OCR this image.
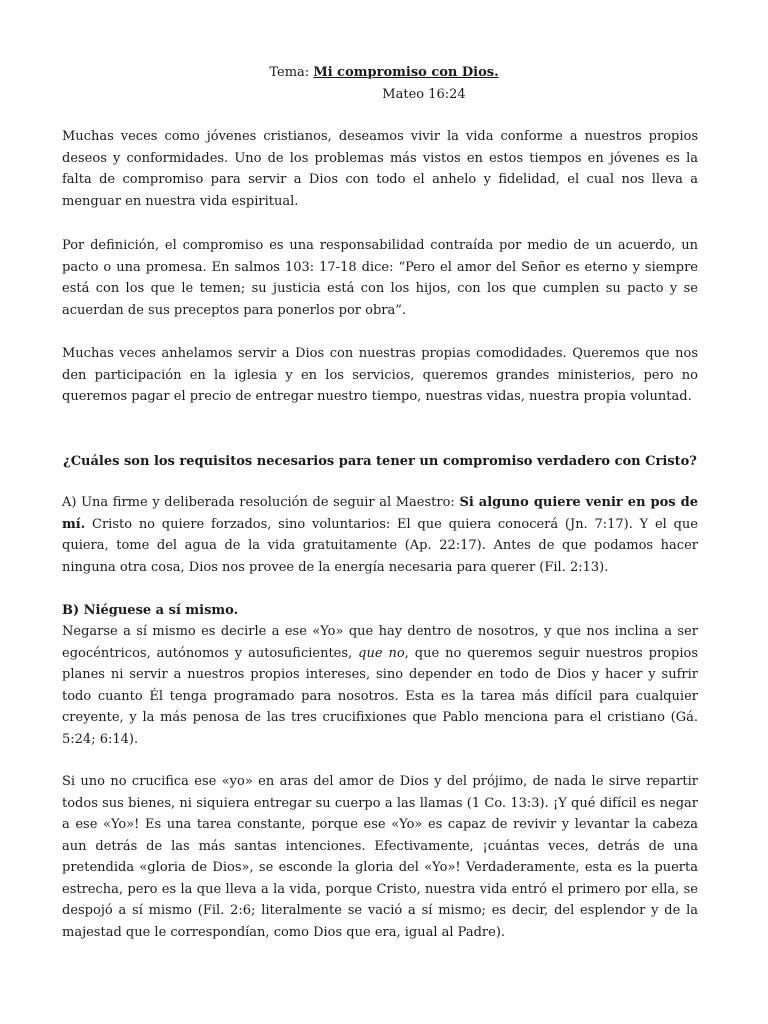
Tema: Mi compromiso con Dios.
Mateo 16:24

Muchas veces como jóvenes cristianos, deseamos vivir la vida conforme a nuestros propios deseos y conformidades. Uno de los problemas más vistos en estos tiempos en jóvenes es la falta de compromiso para servir a Dios con todo el anhelo y fidelidad, el cual nos lleva a menguar en nuestra vida espiritual.

Por definición, el compromiso es una responsabilidad contraída por medio de un acuerdo, un pacto o una promesa. En salmos 103: 17-18 dice: “Pero el amor del Señor es eterno y siempre está con los que le temen; su justicia está con los hijos, con los que cumplen su pacto y se acuerdan de sus preceptos para ponerlos por obra”.

Muchas veces anhelamos servir a Dios con nuestras propias comodidades. Queremos que nos den participación en la iglesia y en los servicios, queremos grandes ministerios, pero no queremos pagar el precio de entregar nuestro tiempo, nuestras vidas, nuestra propia voluntad.

¿Cuáles son los requisitos necesarios para tener un compromiso verdadero con Cristo?

A) Una firme y deliberada resolución de seguir al Maestro: Si alguno quiere venir en pos de mí. Cristo no quiere forzados, sino voluntarios: El que quiera conocerá (Jn. 7:17). Y el que quiera, tome del agua de la vida gratuitamente (Ap. 22:17). Antes de que podamos hacer ninguna otra cosa, Dios nos provee de la energía necesaria para querer (Fil. 2:13).

B) Niéguese a sí mismo.

Negarse a sí mismo es decirle a ese «Yo» que hay dentro de nosotros, y que nos inclina a ser egocéntricos, autónomos y autosuficientes, que no, que no queremos seguir nuestros propios planes ni servir a nuestros propios intereses, sino depender en todo de Dios y hacer y sufrir todo cuanto Él tenga programado para nosotros. Esta es la tarea más difícil para cualquier creyente, y la más penosa de las tres crucifixiones que Pablo menciona para el cristiano (Gá. 5:24; 6:14).

Si uno no crucifica ese «yo» en aras del amor de Dios y del prójimo, de nada le sirve repartir todos sus bienes, ni siquiera entregar su cuerpo a las llamas (1 Co. 13:3). ¡Y qué difícil es negar a ese «Yo»! Es una tarea constante, porque ese «Yo» es capaz de revivir y levantar la cabeza aun detrás de las más santas intenciones. Efectivamente, ¡cuántas veces, detrás de una pretendida «gloria de Dios», se esconde la gloria del «Yo»! Verdaderamente, esta es la puerta estrecha, pero es la que lleva a la vida, porque Cristo, nuestra vida entró el primero por ella, se despojó a sí mismo (Fil. 2:6; literalmente se vació a sí mismo; es decir, del esplendor y de la majestad que le correspondían, como Dios que era, igual al Padre).
